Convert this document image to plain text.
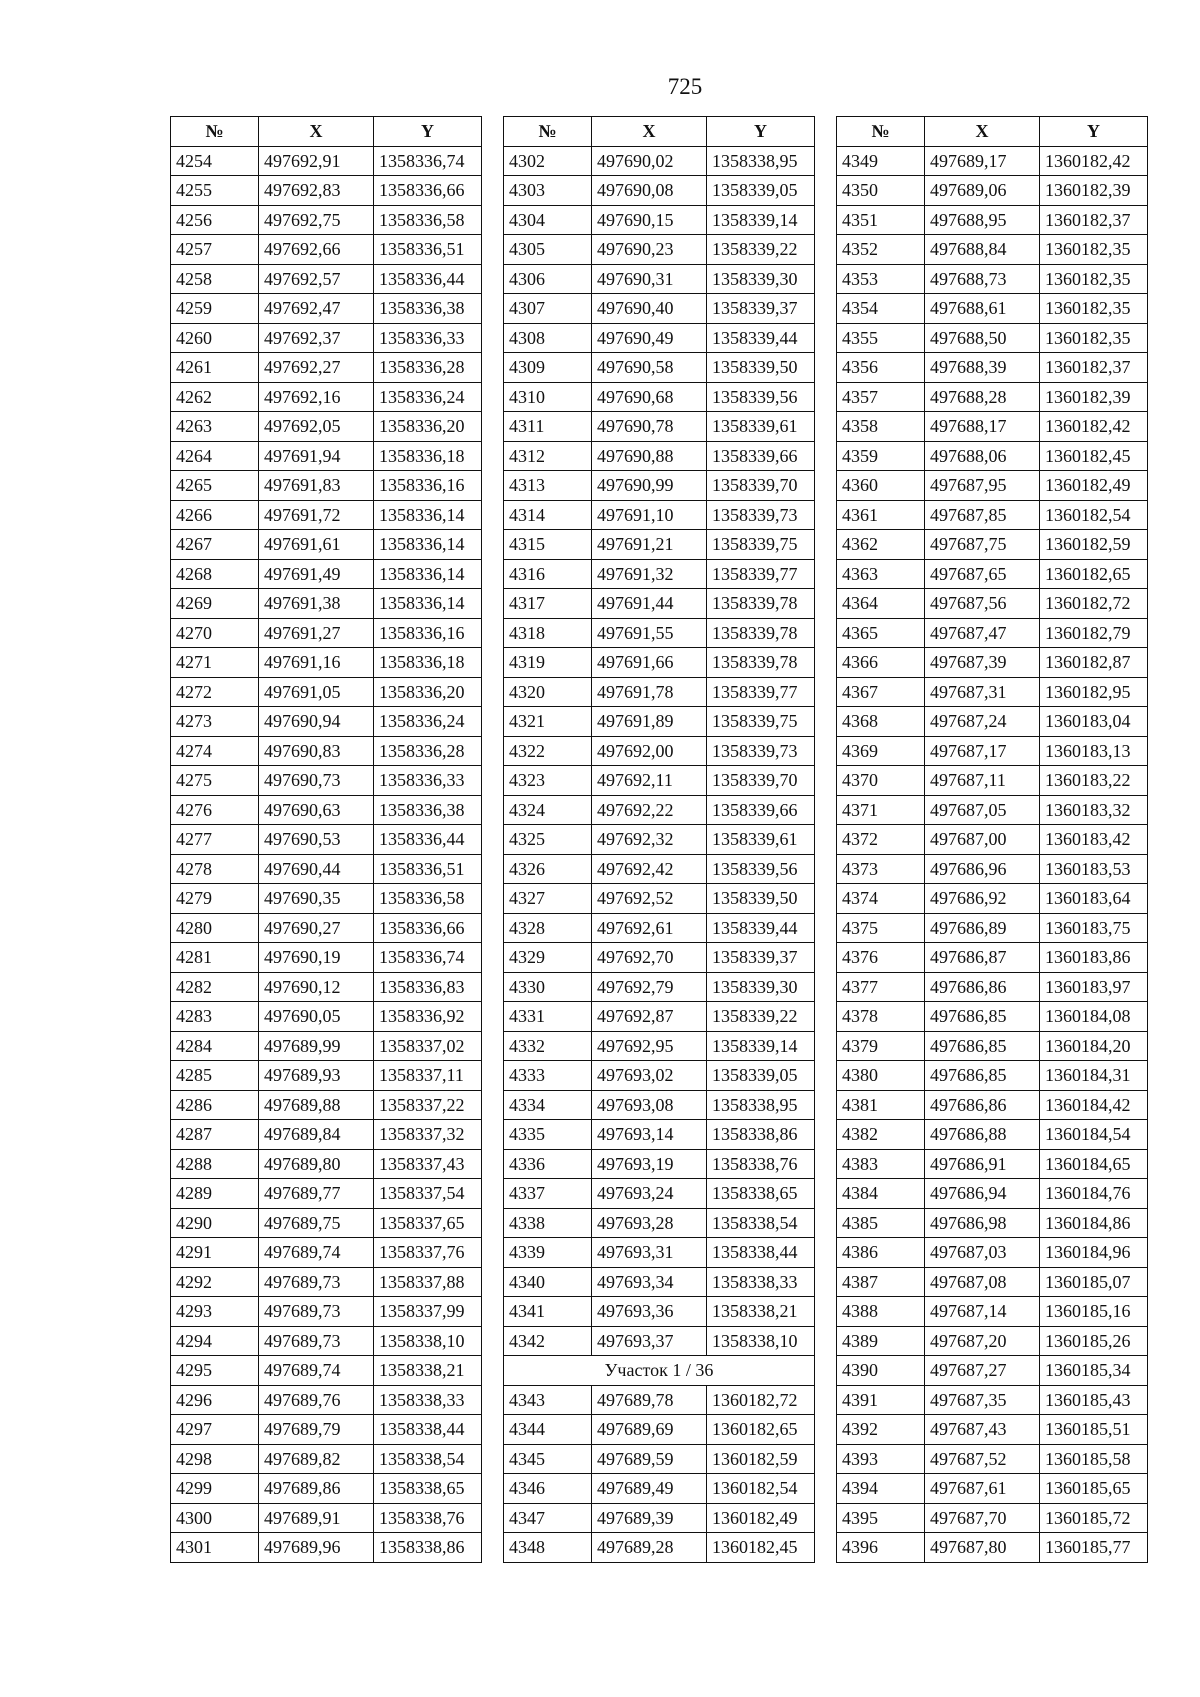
725
№	X	Y
4254	497692,91	1358336,74
4255	497692,83	1358336,66
4256	497692,75	1358336,58
4257	497692,66	1358336,51
4258	497692,57	1358336,44
4259	497692,47	1358336,38
4260	497692,37	1358336,33
4261	497692,27	1358336,28
4262	497692,16	1358336,24
4263	497692,05	1358336,20
4264	497691,94	1358336,18
4265	497691,83	1358336,16
4266	497691,72	1358336,14
4267	497691,61	1358336,14
4268	497691,49	1358336,14
4269	497691,38	1358336,14
4270	497691,27	1358336,16
4271	497691,16	1358336,18
4272	497691,05	1358336,20
4273	497690,94	1358336,24
4274	497690,83	1358336,28
4275	497690,73	1358336,33
4276	497690,63	1358336,38
4277	497690,53	1358336,44
4278	497690,44	1358336,51
4279	497690,35	1358336,58
4280	497690,27	1358336,66
4281	497690,19	1358336,74
4282	497690,12	1358336,83
4283	497690,05	1358336,92
4284	497689,99	1358337,02
4285	497689,93	1358337,11
4286	497689,88	1358337,22
4287	497689,84	1358337,32
4288	497689,80	1358337,43
4289	497689,77	1358337,54
4290	497689,75	1358337,65
4291	497689,74	1358337,76
4292	497689,73	1358337,88
4293	497689,73	1358337,99
4294	497689,73	1358338,10
4295	497689,74	1358338,21
4296	497689,76	1358338,33
4297	497689,79	1358338,44
4298	497689,82	1358338,54
4299	497689,86	1358338,65
4300	497689,91	1358338,76
4301	497689,96	1358338,86
№	X	Y
4302	497690,02	1358338,95
4303	497690,08	1358339,05
4304	497690,15	1358339,14
4305	497690,23	1358339,22
4306	497690,31	1358339,30
4307	497690,40	1358339,37
4308	497690,49	1358339,44
4309	497690,58	1358339,50
4310	497690,68	1358339,56
4311	497690,78	1358339,61
4312	497690,88	1358339,66
4313	497690,99	1358339,70
4314	497691,10	1358339,73
4315	497691,21	1358339,75
4316	497691,32	1358339,77
4317	497691,44	1358339,78
4318	497691,55	1358339,78
4319	497691,66	1358339,78
4320	497691,78	1358339,77
4321	497691,89	1358339,75
4322	497692,00	1358339,73
4323	497692,11	1358339,70
4324	497692,22	1358339,66
4325	497692,32	1358339,61
4326	497692,42	1358339,56
4327	497692,52	1358339,50
4328	497692,61	1358339,44
4329	497692,70	1358339,37
4330	497692,79	1358339,30
4331	497692,87	1358339,22
4332	497692,95	1358339,14
4333	497693,02	1358339,05
4334	497693,08	1358338,95
4335	497693,14	1358338,86
4336	497693,19	1358338,76
4337	497693,24	1358338,65
4338	497693,28	1358338,54
4339	497693,31	1358338,44
4340	497693,34	1358338,33
4341	497693,36	1358338,21
4342	497693,37	1358338,10
Участок 1 / 36		
4343	497689,78	1360182,72
4344	497689,69	1360182,65
4345	497689,59	1360182,59
4346	497689,49	1360182,54
4347	497689,39	1360182,49
4348	497689,28	1360182,45
№	X	Y
4349	497689,17	1360182,42
4350	497689,06	1360182,39
4351	497688,95	1360182,37
4352	497688,84	1360182,35
4353	497688,73	1360182,35
4354	497688,61	1360182,35
4355	497688,50	1360182,35
4356	497688,39	1360182,37
4357	497688,28	1360182,39
4358	497688,17	1360182,42
4359	497688,06	1360182,45
4360	497687,95	1360182,49
4361	497687,85	1360182,54
4362	497687,75	1360182,59
4363	497687,65	1360182,65
4364	497687,56	1360182,72
4365	497687,47	1360182,79
4366	497687,39	1360182,87
4367	497687,31	1360182,95
4368	497687,24	1360183,04
4369	497687,17	1360183,13
4370	497687,11	1360183,22
4371	497687,05	1360183,32
4372	497687,00	1360183,42
4373	497686,96	1360183,53
4374	497686,92	1360183,64
4375	497686,89	1360183,75
4376	497686,87	1360183,86
4377	497686,86	1360183,97
4378	497686,85	1360184,08
4379	497686,85	1360184,20
4380	497686,85	1360184,31
4381	497686,86	1360184,42
4382	497686,88	1360184,54
4383	497686,91	1360184,65
4384	497686,94	1360184,76
4385	497686,98	1360184,86
4386	497687,03	1360184,96
4387	497687,08	1360185,07
4388	497687,14	1360185,16
4389	497687,20	1360185,26
4390	497687,27	1360185,34
4391	497687,35	1360185,43
4392	497687,43	1360185,51
4393	497687,52	1360185,58
4394	497687,61	1360185,65
4395	497687,70	1360185,72
4396	497687,80	1360185,77
